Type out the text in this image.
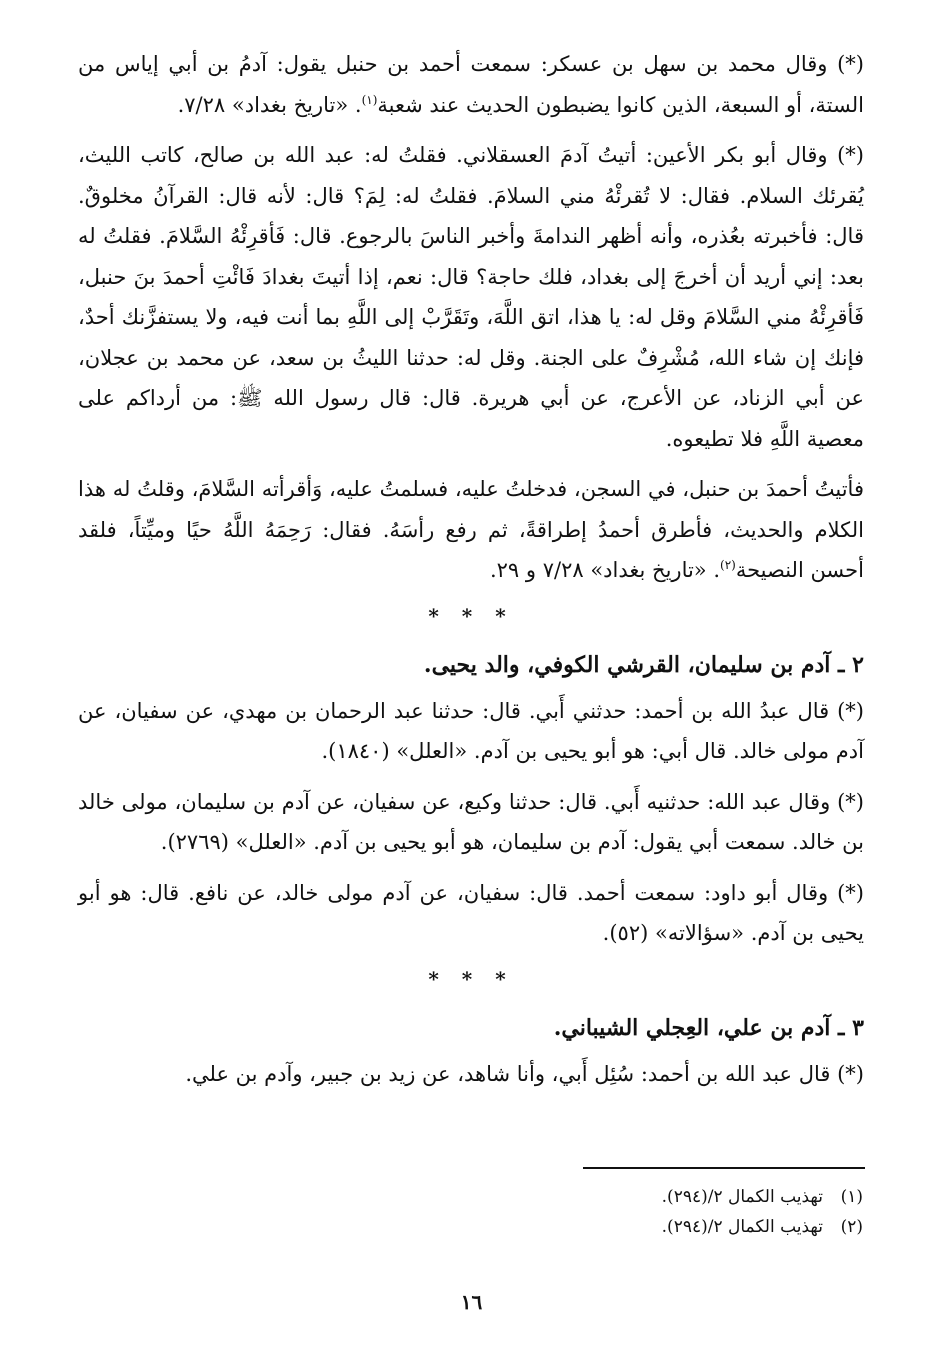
(*) وقال محمد بن سهل بن عسكر: سمعت أحمد بن حنبل يقول: آدمُ بن أبي إياس من الستة، أو السبعة، الذين كانوا يضبطون الحديث عند شعبة$^{(١)}$. «تاريخ بغداد» ٧/٢٨.

(*) وقال أبو بكر الأعين: أتيتُ آدمَ العسقلاني. فقلتُ له: عبد الله بن صالح، كاتب الليث، يُقرئك السلام. فقال: لا تُقرئْهُ مني السلامَ. فقلتُ له: لِمَ؟ قال: لأنه قال: القرآنُ مخلوقٌ. قال: فأخبرته بعُذره، وأنه أظهر الندامةَ وأخبر الناسَ بالرجوع. قال: فَأقرِئْهُ السَّلامَ. فقلتُ له بعد: إني أريد أن أخرجَ إلى بغداد، فلك حاجة؟ قال: نعم، إذا أتيتَ بغدادَ فَائْتِ أحمدَ بنَ حنبل، فَأقرِئْهُ مني السَّلامَ وقل له: يا هذا، اتق اللَّهَ، وتَقَرَّبْ إلى اللَّهِ بما أنت فيه، ولا يستفزَّنك أحدٌ، فإنك إن شاء الله، مُشْرِفٌ على الجنة. وقل له: حدثنا الليثُ بن سعد، عن محمد بن عجلان، عن أبي الزناد، عن الأعرج، عن أبي هريرة. قال: قال رسول الله ﷺ: من أرداكم على معصية اللَّهِ فلا تطيعوه.

فأتيتُ أحمدَ بن حنبل، في السجن، فدخلتُ عليه، فسلمتُ عليه، وَأقرأته السَّلامَ، وقلتُ له هذا الكلام والحديث، فأطرق أحمدُ إطراقةً، ثم رفع رأسَهُ. فقال: رَحِمَهُ اللَّهُ حيًا وميِّتاً، فلقد أحسن النصيحة$^{(٢)}$. «تاريخ بغداد» ٧/٢٨ و ٢٩.

* * *
٢ ـ آدم بن سليمان، القرشي الكوفي، والد يحيى.

(*) قال عبدُ الله بن أحمد: حدثني أَبي. قال: حدثنا عبد الرحمان بن مهدي، عن سفيان، عن آدم مولى خالد. قال أبي: هو أبو يحيى بن آدم. «العلل» (١٨٤٠).

(*) وقال عبد الله: حدثنيه أَبي. قال: حدثنا وكيع، عن سفيان، عن آدم بن سليمان، مولى خالد بن خالد. سمعت أبي يقول: آدم بن سليمان، هو أبو يحيى بن آدم. «العلل» (٢٧٦٩).

(*) وقال أبو داود: سمعت أحمد. قال: سفيان، عن آدم مولى خالد، عن نافع. قال: هو أبو يحيى بن آدم. «سؤالاته» (٥٢).

* * *
٣ ـ آدم بن علي، العِجلي الشيباني.

(*) قال عبد الله بن أحمد: سُئِل أَبي، وأنا شاهد، عن زيد بن جبير، وآدم بن علي.

(١)تهذيب الكمال ٢/(٢٩٤).
(٢)تهذيب الكمال ٢/(٢٩٤).
١٦
